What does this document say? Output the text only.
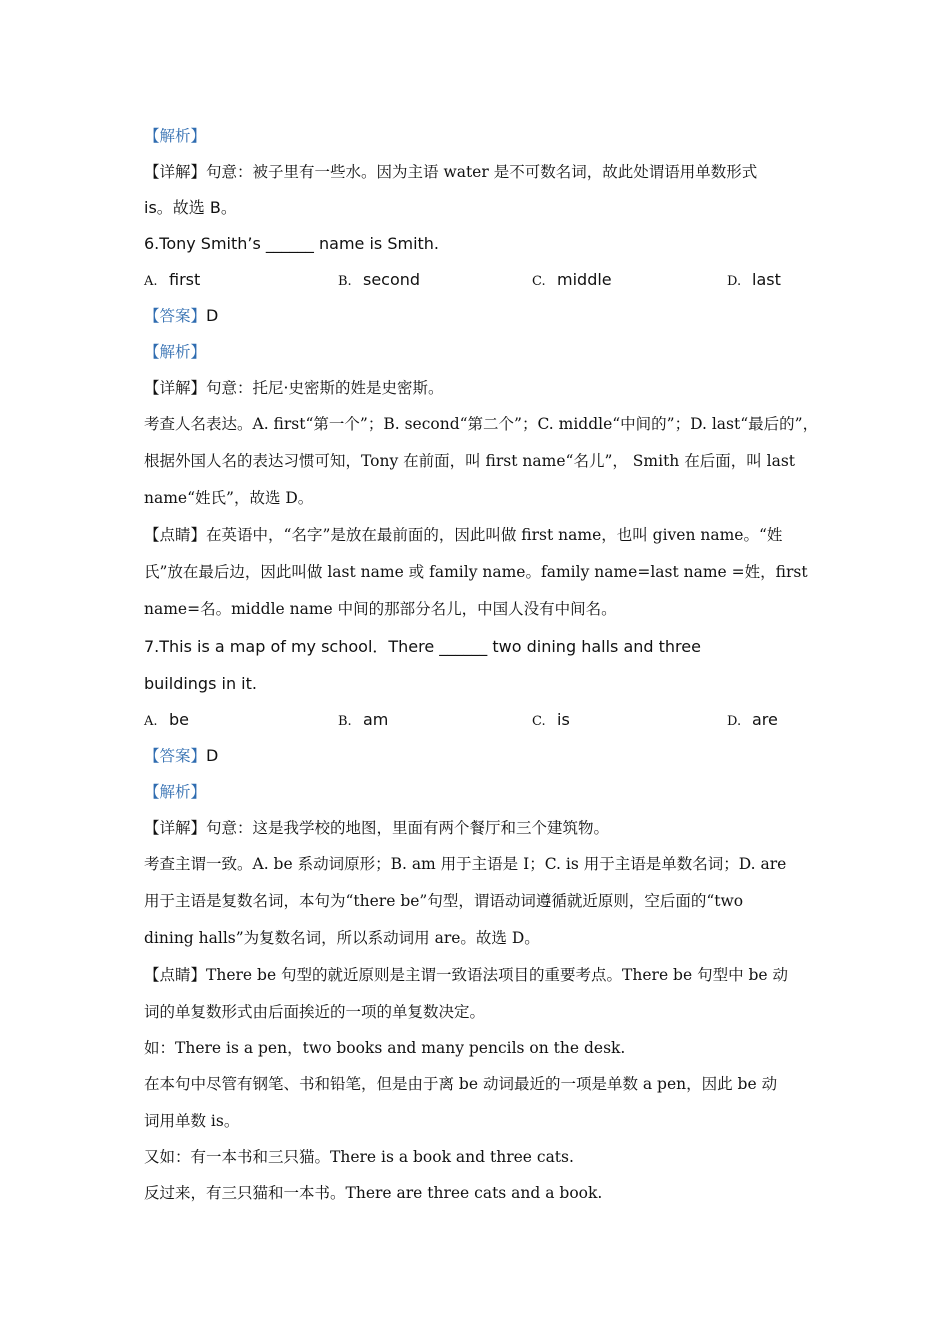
【解析】
【详解】句意：被子里有一些水。因为主语 water 是不可数名词，故此处谓语用单数形式
is。故选 B。
6.Tony Smith’s ______ name is Smith.
A. first	B. second	C. middle	D. last
【答案】D
【解析】
【详解】句意：托尼·史密斯的姓是史密斯。
考查人名表达。A. first“第一个”；B. second“第二个”；C. middle“中间的”；D. last“最后的”，
根据外国人名的表达习惯可知，Tony 在前面，叫 first name“名儿”， Smith 在后面，叫 last
name“姓氏”，故选 D。
【点睛】在英语中，“名字”是放在最前面的，因此叫做 first name，也叫 given name。“姓
氏”放在最后边，因此叫做 last name 或 family name。family name=last name =姓，first
name=名。middle name 中间的那部分名儿，中国人没有中间名。
7.This is a map of my school．There ______ two dining halls and three
buildings in it.
A. be	B. am	C. is	D. are
【答案】D
【解析】
【详解】句意：这是我学校的地图，里面有两个餐厅和三个建筑物。
考查主谓一致。A. be 系动词原形；B. am 用于主语是 I；C. is 用于主语是单数名词；D. are
用于主语是复数名词，本句为“there be”句型，谓语动词遵循就近原则，空后面的“two
dining halls”为复数名词，所以系动词用 are。故选 D。
【点睛】There be 句型的就近原则是主谓一致语法项目的重要考点。There be 句型中 be 动
词的单复数形式由后面挨近的一项的单复数决定。
如：There is a pen，two books and many pencils on the desk.
在本句中尽管有钢笔、书和铅笔，但是由于离 be 动词最近的一项是单数 a pen，因此 be 动
词用单数 is。
又如：有一本书和三只猫。There is a book and three cats.
反过来，有三只猫和一本书。There are three cats and a book.
